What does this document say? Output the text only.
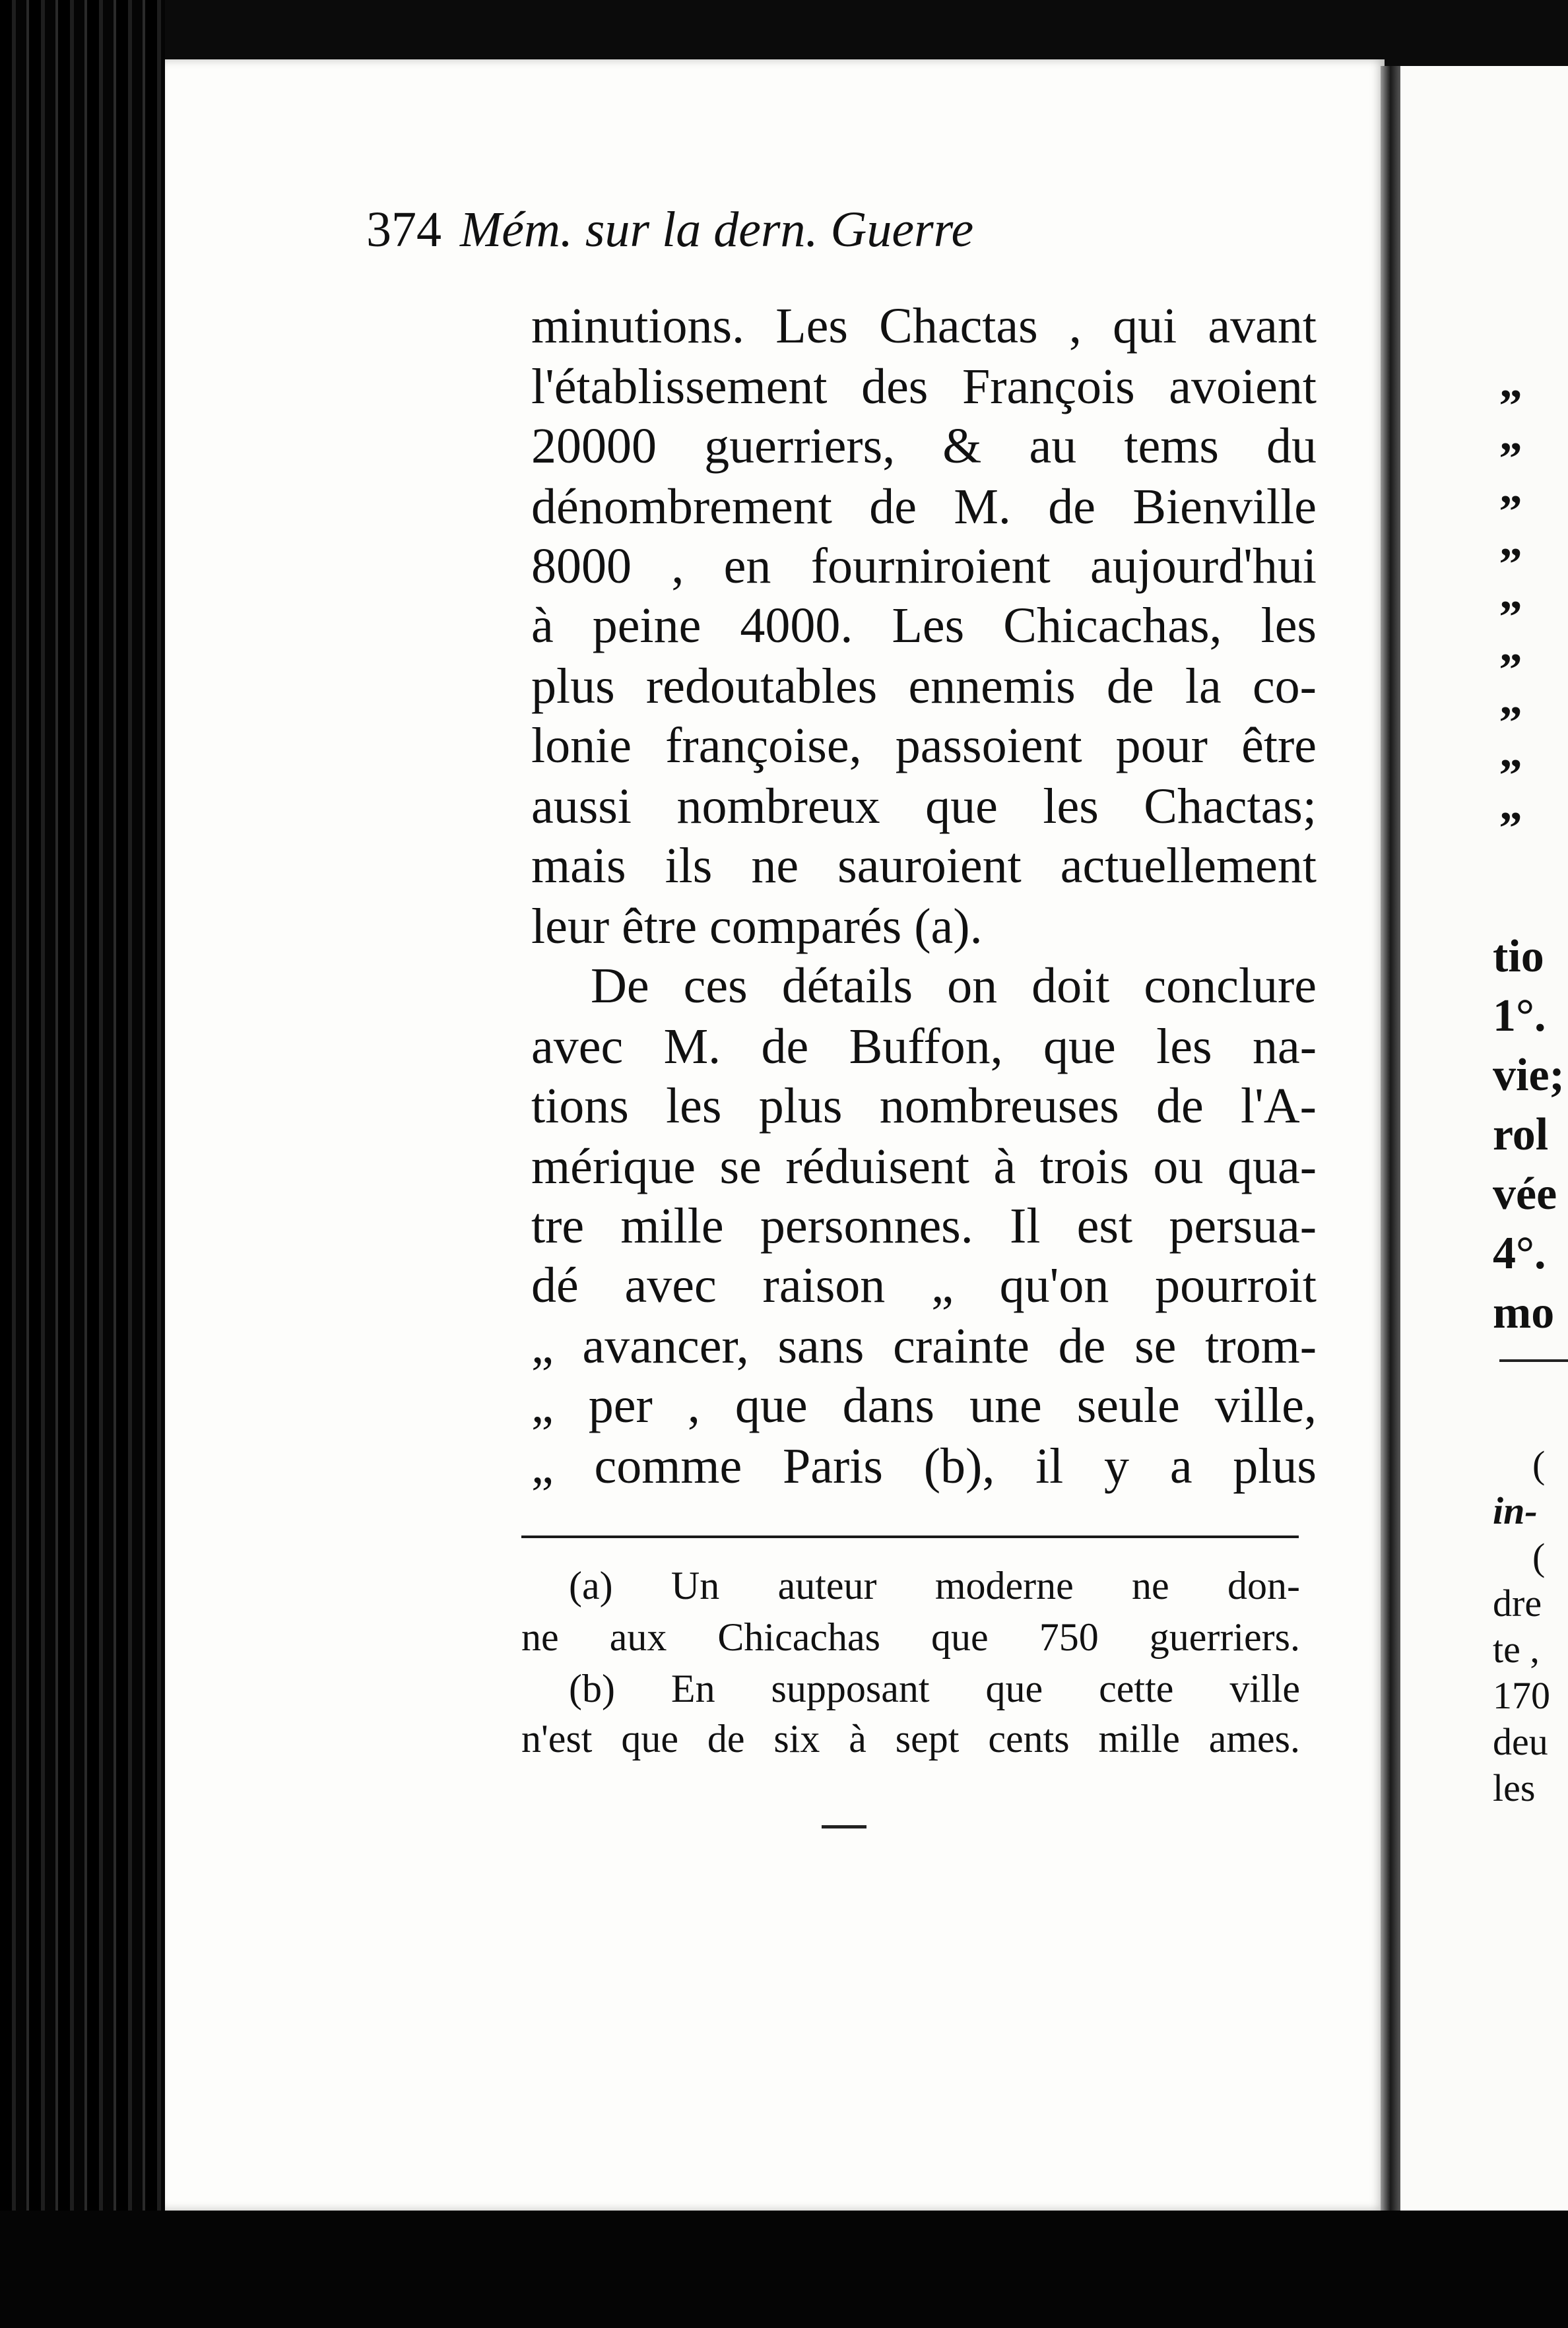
374 Mém. sur la dern. Guerre
minutions. Les Chactas , qui avant
l'établissement des François avoient
20000 guerriers, & au tems du
dénombrement de M. de Bienville
8000 , en fourniroient aujourd'hui
à peine 4000. Les Chicachas, les
plus redoutables ennemis de la co-
lonie françoise, passoient pour être
aussi nombreux que les Chactas;
mais ils ne sauroient actuellement
leur être comparés (a).
De ces détails on doit conclure
avec M. de Buffon, que les na-
tions les plus nombreuses de l'A-
mérique se réduisent à trois ou qua-
tre mille personnes. Il est persua-
dé avec raison „ qu'on pourroit
„ avancer, sans crainte de se trom-
„ per , que dans une seule ville,
„ comme Paris (b), il y a plus
(a) Un auteur moderne ne don-
ne aux Chicachas que 750 guerriers.
(b) En supposant que cette ville
n'est que de six à sept cents mille ames.
„
„
„
„
„
„
„
„
„
tio
1°.
vie;
rol
vée
4°.
mo
(
in-
(
dre
te ,
170
deu
les
